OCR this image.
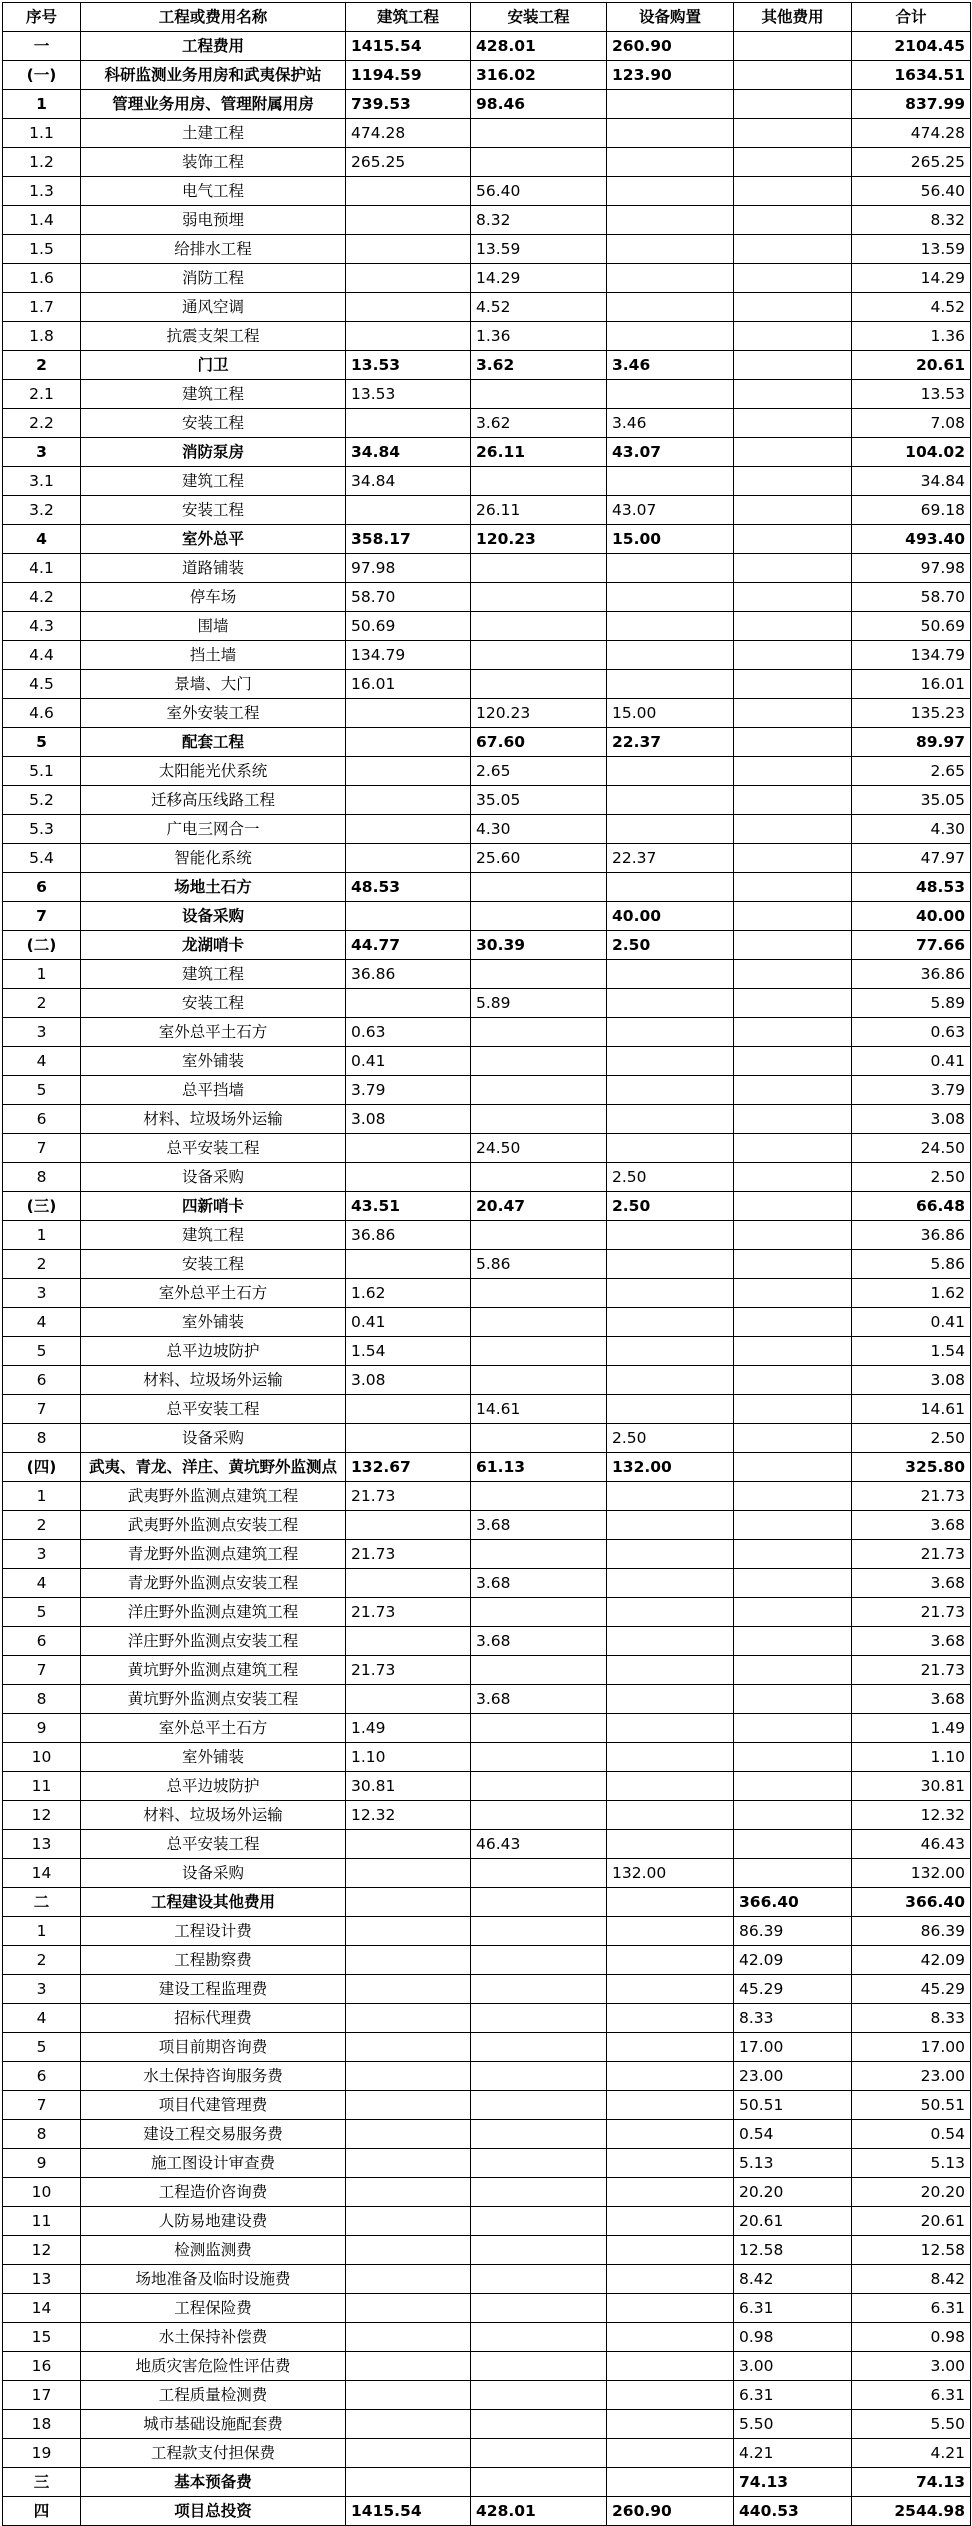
序号	工程或费用名称	建筑工程	安装工程	设备购置	其他费用	合计
一	工程费用	1415.54	428.01	260.90		2104.45
(一)	科研监测业务用房和武夷保护站	1194.59	316.02	123.90		1634.51
1	管理业务用房、管理附属用房	739.53	98.46			837.99
1.1	土建工程	474.28				474.28
1.2	装饰工程	265.25				265.25
1.3	电气工程		56.40			56.40
1.4	弱电预埋		8.32			8.32
1.5	给排水工程		13.59			13.59
1.6	消防工程		14.29			14.29
1.7	通风空调		4.52			4.52
1.8	抗震支架工程		1.36			1.36
2	门卫	13.53	3.62	3.46		20.61
2.1	建筑工程	13.53				13.53
2.2	安装工程		3.62	3.46		7.08
3	消防泵房	34.84	26.11	43.07		104.02
3.1	建筑工程	34.84				34.84
3.2	安装工程		26.11	43.07		69.18
4	室外总平	358.17	120.23	15.00		493.40
4.1	道路铺装	97.98				97.98
4.2	停车场	58.70				58.70
4.3	围墙	50.69				50.69
4.4	挡土墙	134.79				134.79
4.5	景墙、大门	16.01				16.01
4.6	室外安装工程		120.23	15.00		135.23
5	配套工程		67.60	22.37		89.97
5.1	太阳能光伏系统		2.65			2.65
5.2	迁移高压线路工程		35.05			35.05
5.3	广电三网合一		4.30			4.30
5.4	智能化系统		25.60	22.37		47.97
6	场地土石方	48.53				48.53
7	设备采购			40.00		40.00
(二)	龙湖哨卡	44.77	30.39	2.50		77.66
1	建筑工程	36.86				36.86
2	安装工程		5.89			5.89
3	室外总平土石方	0.63				0.63
4	室外铺装	0.41				0.41
5	总平挡墙	3.79				3.79
6	材料、垃圾场外运输	3.08				3.08
7	总平安装工程		24.50			24.50
8	设备采购			2.50		2.50
(三)	四新哨卡	43.51	20.47	2.50		66.48
1	建筑工程	36.86				36.86
2	安装工程		5.86			5.86
3	室外总平土石方	1.62				1.62
4	室外铺装	0.41				0.41
5	总平边坡防护	1.54				1.54
6	材料、垃圾场外运输	3.08				3.08
7	总平安装工程		14.61			14.61
8	设备采购			2.50		2.50
(四)	武夷、青龙、洋庄、黄坑野外监测点	132.67	61.13	132.00		325.80
1	武夷野外监测点建筑工程	21.73				21.73
2	武夷野外监测点安装工程		3.68			3.68
3	青龙野外监测点建筑工程	21.73				21.73
4	青龙野外监测点安装工程		3.68			3.68
5	洋庄野外监测点建筑工程	21.73				21.73
6	洋庄野外监测点安装工程		3.68			3.68
7	黄坑野外监测点建筑工程	21.73				21.73
8	黄坑野外监测点安装工程		3.68			3.68
9	室外总平土石方	1.49				1.49
10	室外铺装	1.10				1.10
11	总平边坡防护	30.81				30.81
12	材料、垃圾场外运输	12.32				12.32
13	总平安装工程		46.43			46.43
14	设备采购			132.00		132.00
二	工程建设其他费用				366.40	366.40
1	工程设计费				86.39	86.39
2	工程勘察费				42.09	42.09
3	建设工程监理费				45.29	45.29
4	招标代理费				8.33	8.33
5	项目前期咨询费				17.00	17.00
6	水土保持咨询服务费				23.00	23.00
7	项目代建管理费				50.51	50.51
8	建设工程交易服务费				0.54	0.54
9	施工图设计审查费				5.13	5.13
10	工程造价咨询费				20.20	20.20
11	人防易地建设费				20.61	20.61
12	检测监测费				12.58	12.58
13	场地准备及临时设施费				8.42	8.42
14	工程保险费				6.31	6.31
15	水土保持补偿费				0.98	0.98
16	地质灾害危险性评估费				3.00	3.00
17	工程质量检测费				6.31	6.31
18	城市基础设施配套费				5.50	5.50
19	工程款支付担保费				4.21	4.21
三	基本预备费				74.13	74.13
四	项目总投资	1415.54	428.01	260.90	440.53	2544.98
